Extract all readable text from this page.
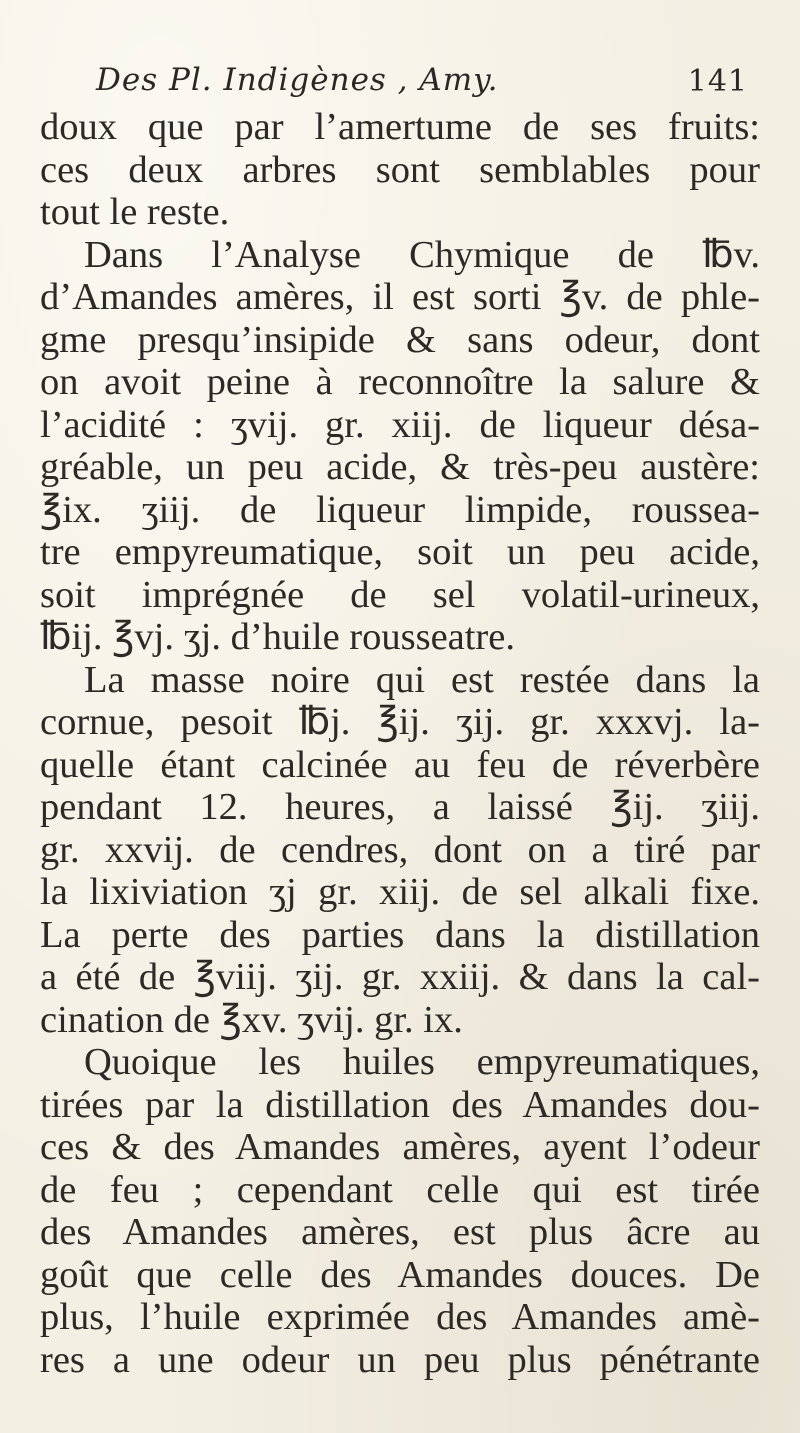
Des Pl. Indigènes , Amy.	141
doux que par l’amertume de ses fruits:
ces deux arbres sont semblables pour
tout le reste.
Dans l’Analyse Chymique de ℔v.
d’Amandes amères, il est sorti ℥v. de phle-
gme presqu’insipide & sans odeur, dont
on avoit peine à reconnoître la salure &
l’acidité : ʒvij. gr. xiij. de liqueur désa-
gréable, un peu acide, & très-peu austère:
℥ix. ʒiij. de liqueur limpide, roussea-
tre empyreumatique, soit un peu acide,
soit imprégnée de sel volatil-urineux,
℔ij. ℥vj. ʒj. d’huile rousseatre.
La masse noire qui est restée dans la
cornue, pesoit ℔j. ℥ij. ʒij. gr. xxxvj. la-
quelle étant calcinée au feu de réverbère
pendant 12. heures, a laissé ℥ij. ʒiij.
gr. xxvij. de cendres, dont on a tiré par
la lixiviation ʒj gr. xiij. de sel alkali fixe.
La perte des parties dans la distillation
a été de ℥viij. ʒij. gr. xxiij. & dans la cal-
cination de ℥xv. ʒvij. gr. ix.
Quoique les huiles empyreumatiques,
tirées par la distillation des Amandes dou-
ces & des Amandes amères, ayent l’odeur
de feu ; cependant celle qui est tirée
des Amandes amères, est plus âcre au
goût que celle des Amandes douces. De
plus, l’huile exprimée des Amandes amè-
res a une odeur un peu plus pénétrante
